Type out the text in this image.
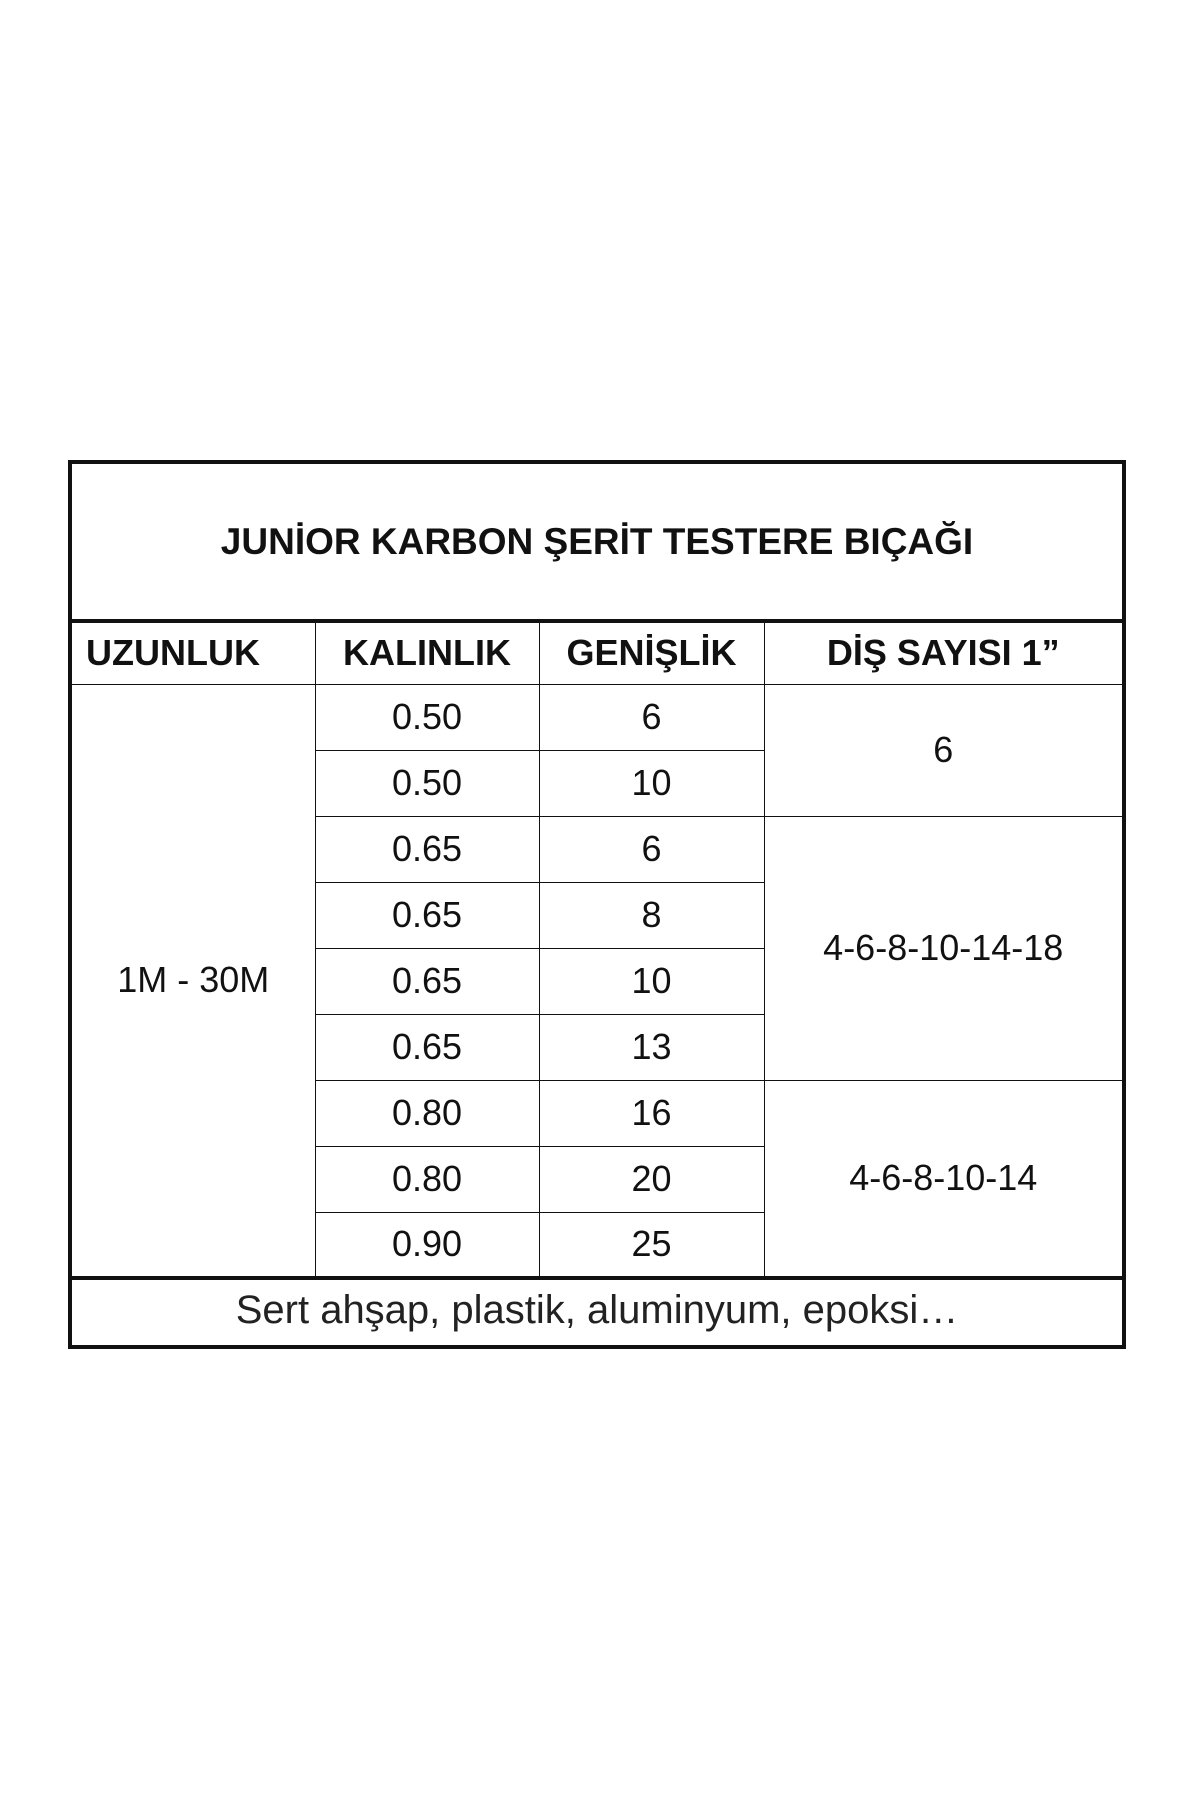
JUNİOR KARBON ŞERİT TESTERE BIÇAĞI
UZUNLUK	KALINLIK	GENİŞLİK	DİŞ SAYISI 1”
1M - 30M	0.50	6	6
	0.50	10	
	0.65	6	4-6-8-10-14-18
	0.65	8	
	0.65	10	
	0.65	13	
	0.80	16	4-6-8-10-14
	0.80	20	
	0.90	25	
Sert ahşap, plastik, aluminyum, epoksi…
